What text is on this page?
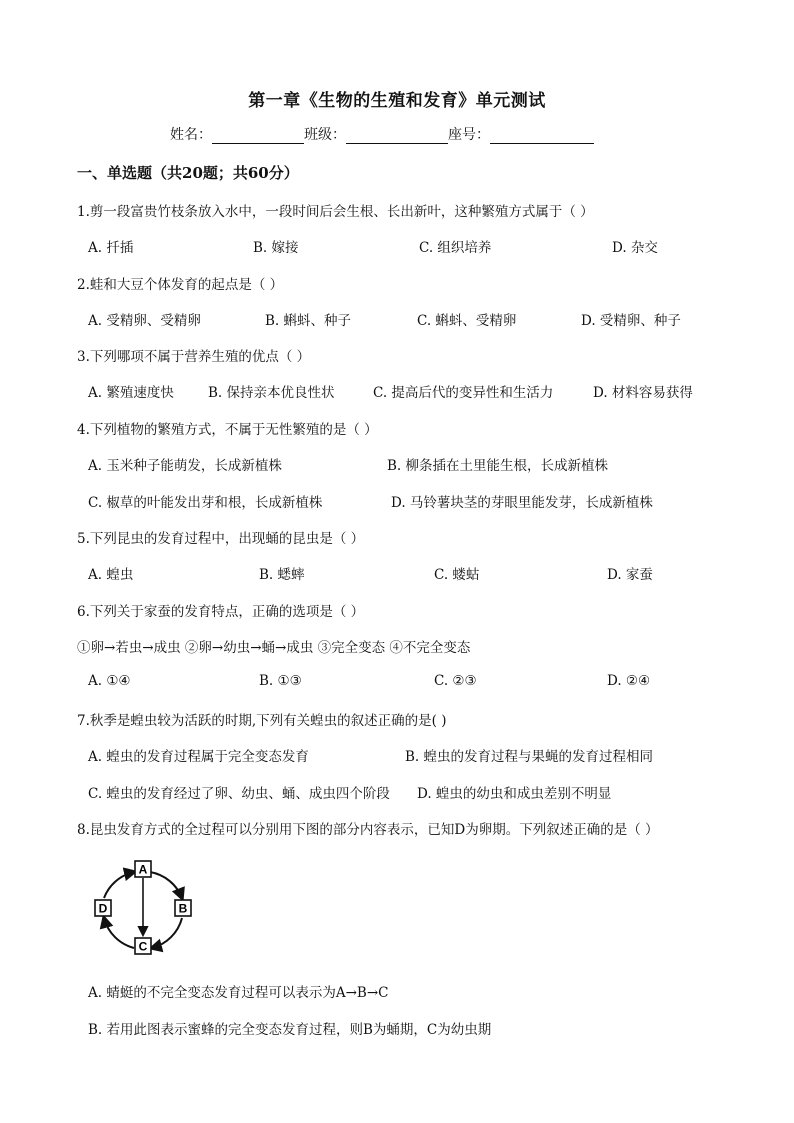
第一章《生物的生殖和发育》单元测试
姓名：	班级：	座号：
一、单选题（共20题；共60分）
1.剪一段富贵竹枝条放入水中，一段时间后会生根、长出新叶，这种繁殖方式属于（ ）
A. 扦插	B. 嫁接	C. 组织培养	D. 杂交
2.蛙和大豆个体发育的起点是（ ）
A. 受精卵、受精卵	B. 蝌蚪、种子	C. 蝌蚪、受精卵	D. 受精卵、种子
3.下列哪项不属于营养生殖的优点（ ）
A. 繁殖速度快	B. 保持亲本优良性状	C. 提高后代的变异性和生活力	D. 材料容易获得
4.下列植物的繁殖方式，不属于无性繁殖的是（ ）
A. 玉米种子能萌发，长成新植株	B. 柳条插在土里能生根，长成新植株
C. 椒草的叶能发出芽和根，长成新植株	D. 马铃薯块茎的芽眼里能发芽，长成新植株
5.下列昆虫的发育过程中，出现蛹的昆虫是（ ）
A. 蝗虫	B. 蟋蟀	C. 蝼蛄	D. 家蚕
6.下列关于家蚕的发育特点，正确的选项是（ ）
①卵→若虫→成虫 ②卵→幼虫→蛹→成虫 ③完全变态 ④不完全变态
A. ①④	B. ①③	C. ②③	D. ②④
7.秋季是蝗虫较为活跃的时期,下列有关蝗虫的叙述正确的是( )
A. 蝗虫的发育过程属于完全变态发育	B. 蝗虫的发育过程与果蝇的发育过程相同
C. 蝗虫的发育经过了卵、幼虫、蛹、成虫四个阶段 D. 蝗虫的幼虫和成虫差别不明显
8.昆虫发育方式的全过程可以分别用下图的部分内容表示，已知D为卵期。下列叙述正确的是（ ）
A
B
C
D
A. 蜻蜓的不完全变态发育过程可以表示为A→B→C
B. 若用此图表示蜜蜂的完全变态发育过程，则B为蛹期，C为幼虫期
